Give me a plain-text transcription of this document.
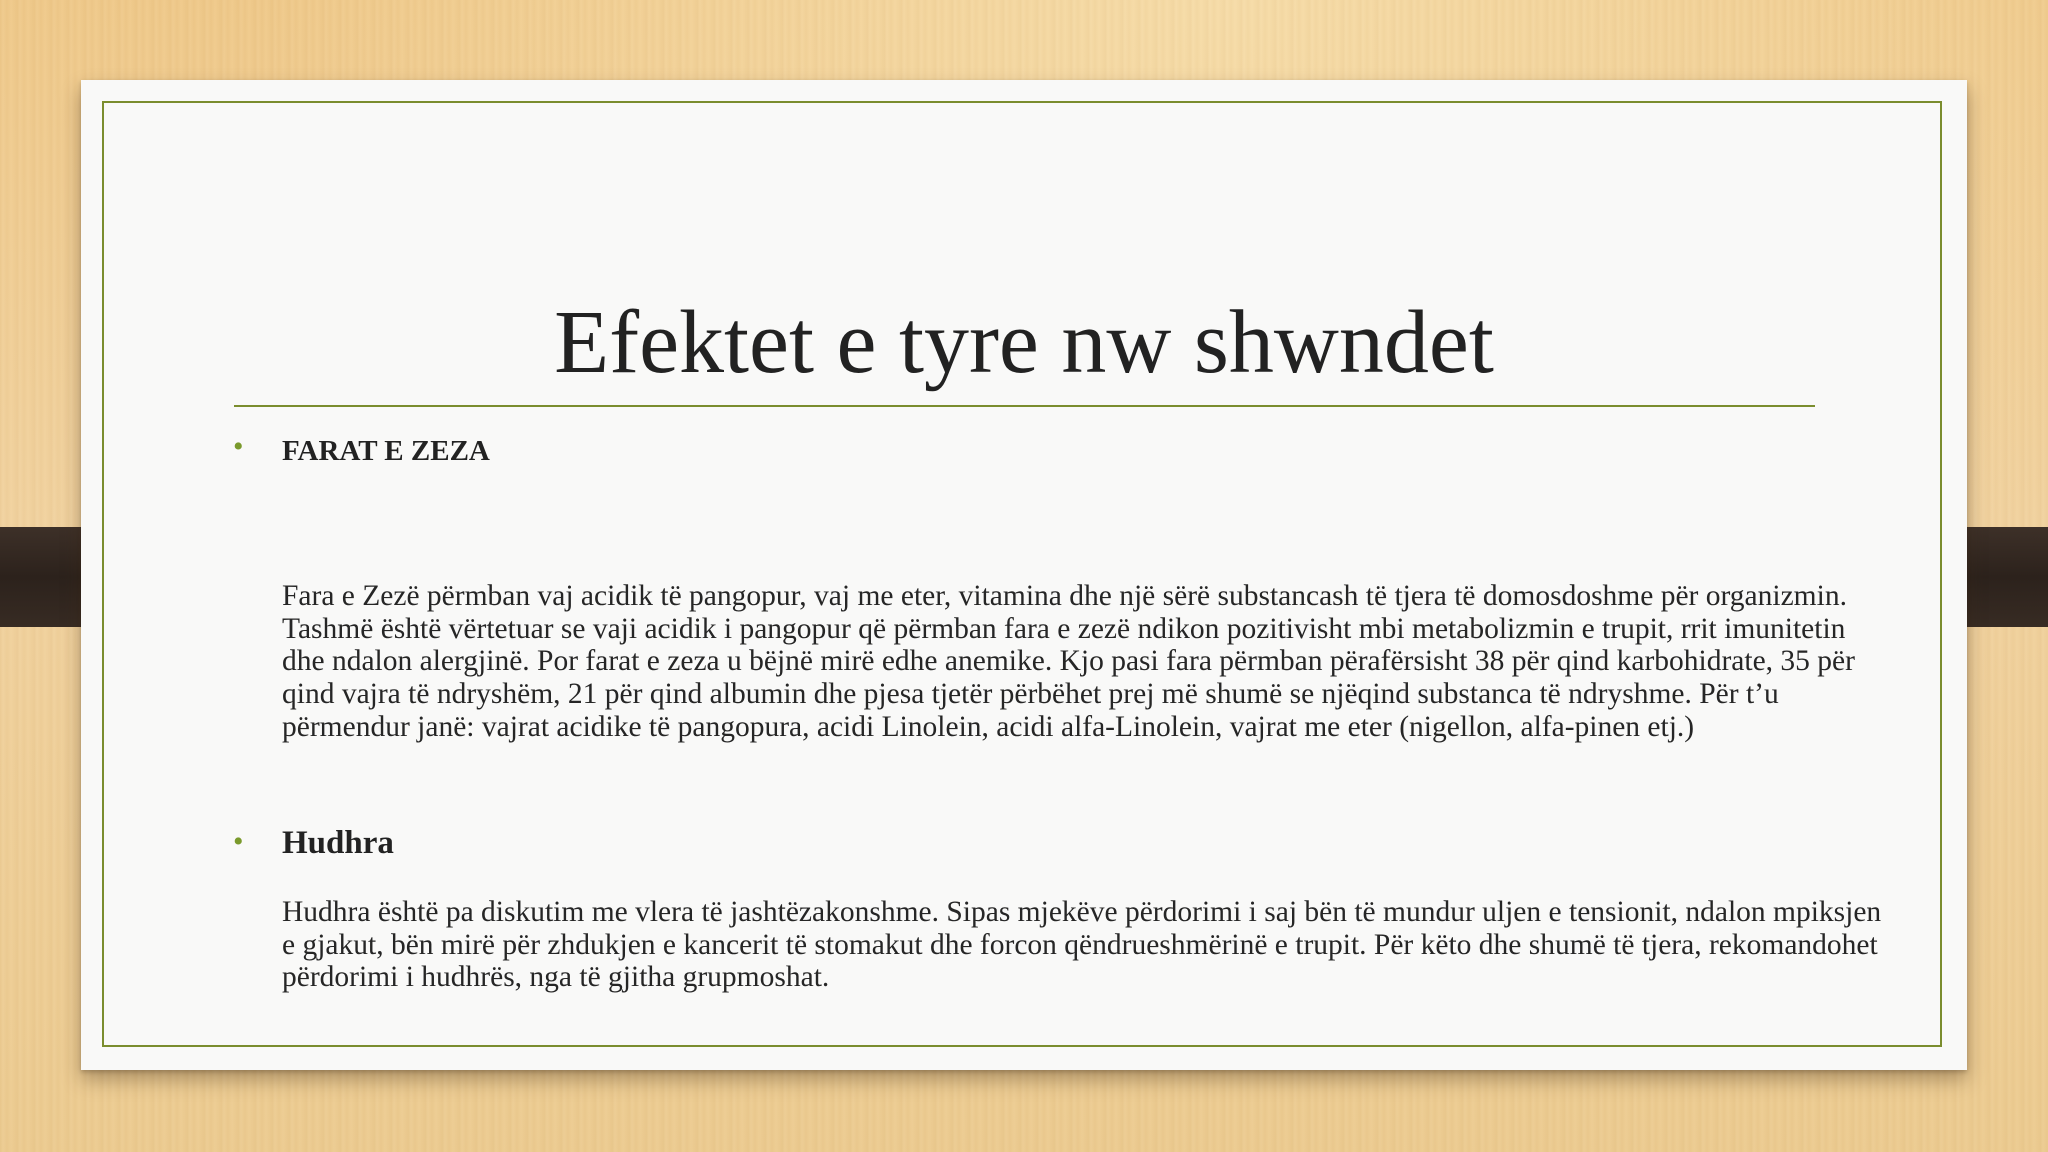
Efektet e tyre nw shwndet
• FARAT E ZEZA

Fara e Zezë përmban vaj acidik të pangopur, vaj me eter, vitamina dhe një sërë substancash të tjera të domosdoshme për organizmin. Tashmë është vërtetuar se vaji acidik i pangopur që përmban fara e zezë ndikon pozitivisht mbi metabolizmin e trupit, rrit imunitetin dhe ndalon alergjinë. Por farat e zeza u bëjnë mirë edhe anemike. Kjo pasi fara përmban përafërsisht 38 për qind karbohidrate, 35 për qind vajra të ndryshëm, 21 për qind albumin dhe pjesa tjetër përbëhet prej më shumë se njëqind substanca të ndryshme. Për t’u përmendur janë: vajrat acidike të pangopura, acidi Linolein, acidi alfa-Linolein, vajrat me eter (nigellon, alfa-pinen etj.)

• Hudhra

Hudhra është pa diskutim me vlera të jashtëzakonshme. Sipas mjekëve përdorimi i saj bën të mundur uljen e tensionit, ndalon mpiksjen e gjakut, bën mirë për zhdukjen e kancerit të stomakut dhe forcon qëndrueshmërinë e trupit. Për këto dhe shumë të tjera, rekomandohet përdorimi i hudhrës, nga të gjitha grupmoshat.
